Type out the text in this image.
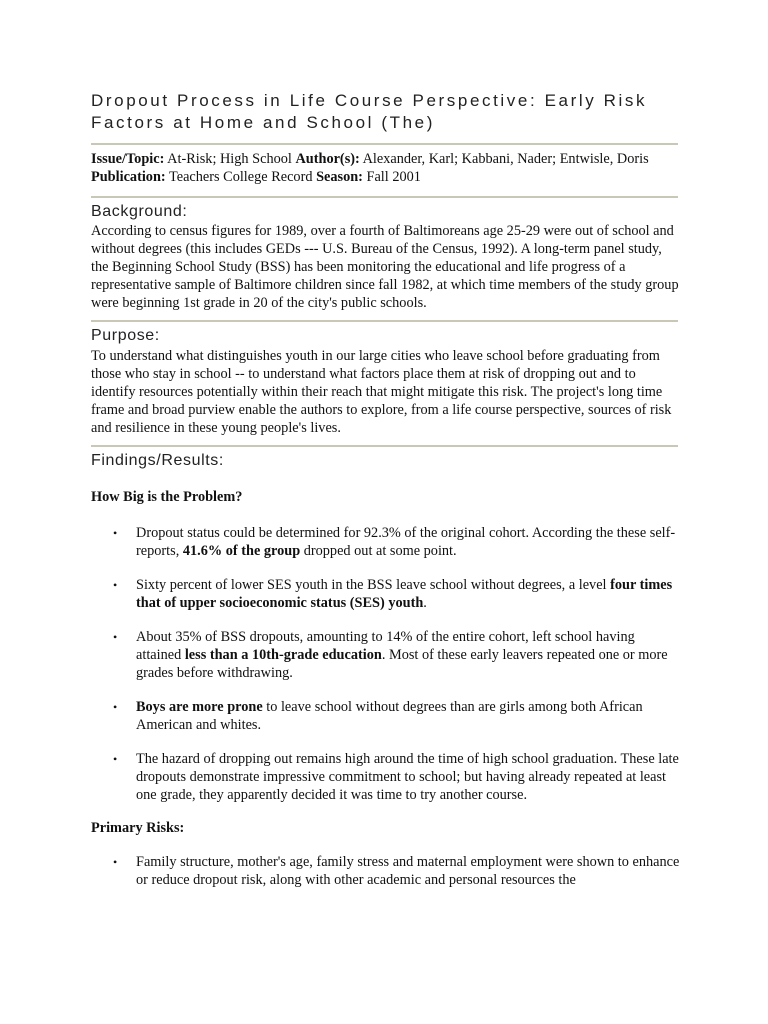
Dropout Process in Life Course Perspective: Early Risk Factors at Home and School (The)
Issue/Topic: At-Risk; High School Author(s): Alexander, Karl; Kabbani, Nader; Entwisle, Doris Publication: Teachers College Record Season: Fall 2001
Background:

According to census figures for 1989, over a fourth of Baltimoreans age 25-29 were out of school and without degrees (this includes GEDs --- U.S. Bureau of the Census, 1992). A long-term panel study, the Beginning School Study (BSS) has been monitoring the educational and life progress of a representative sample of Baltimore children since fall 1982, at which time members of the study group were beginning 1st grade in 20 of the city's public schools.

Purpose:

To understand what distinguishes youth in our large cities who leave school before graduating from those who stay in school -- to understand what factors place them at risk of dropping out and to identify resources potentially within their reach that might mitigate this risk. The project's long time frame and broad purview enable the authors to explore, from a life course perspective, sources of risk and resilience in these young people's lives.

Findings/Results:

How Big is the Problem?

• Dropout status could be determined for 92.3% of the original cohort. According the these self-reports, 41.6% of the group dropped out at some point.
• Sixty percent of lower SES youth in the BSS leave school without degrees, a level four times that of upper socioeconomic status (SES) youth.
• About 35% of BSS dropouts, amounting to 14% of the entire cohort, left school having attained less than a 10th-grade education. Most of these early leavers repeated one or more grades before withdrawing.
• Boys are more prone to leave school without degrees than are girls among both African American and whites.
• The hazard of dropping out remains high around the time of high school graduation. These late dropouts demonstrate impressive commitment to school; but having already repeated at least one grade, they apparently decided it was time to try another course.

Primary Risks:

• Family structure, mother's age, family stress and maternal employment were shown to enhance or reduce dropout risk, along with other academic and personal resources the
